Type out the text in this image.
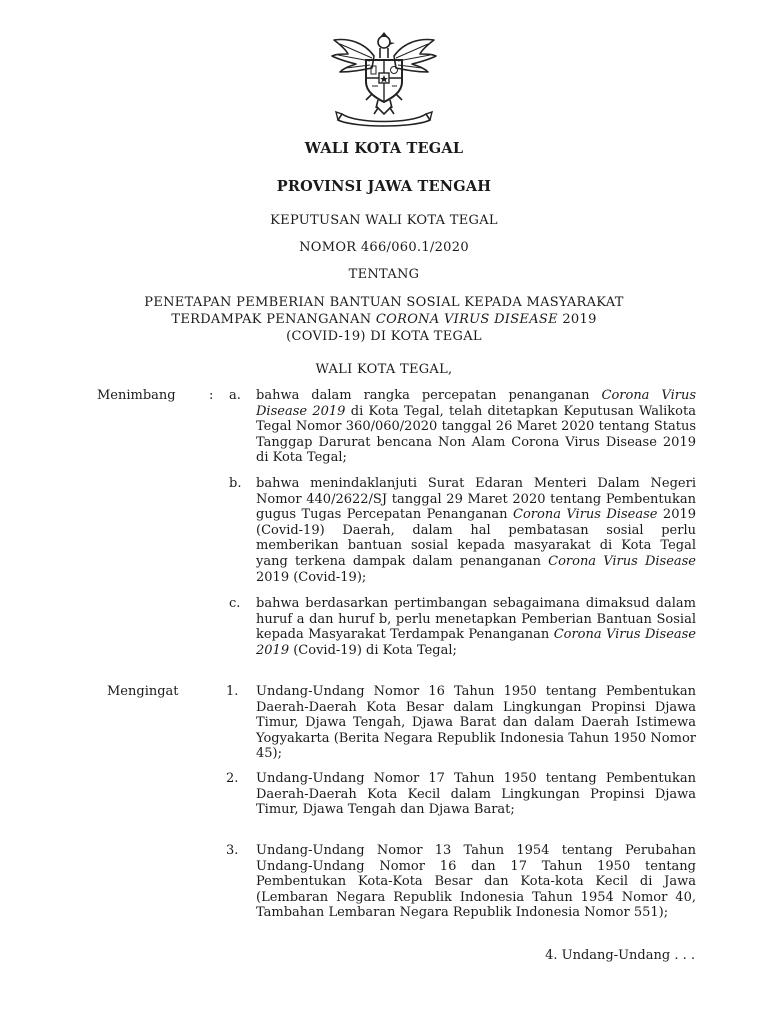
WALI KOTA TEGAL
PROVINSI JAWA TENGAH
KEPUTUSAN WALI KOTA TEGAL
NOMOR 466/060.1/2020
TENTANG
PENETAPAN PEMBERIAN BANTUAN SOSIAL KEPADA MASYARAKAT
TERDAMPAK PENANGANAN CORONA VIRUS DISEASE 2019
(COVID-19) DI KOTA TEGAL
WALI KOTA TEGAL,
Menimbang	: a. bahwa dalam rangka percepatan penanganan Corona Virus Disease 2019 di Kota Tegal, telah ditetapkan Keputusan Walikota Tegal Nomor 360/060/2020 tanggal 26 Maret 2020 tentang Status Tanggap Darurat bencana Non Alam Corona Virus Disease 2019 di Kota Tegal;
b. bahwa menindaklanjuti Surat Edaran Menteri Dalam Negeri Nomor 440/2622/SJ tanggal 29 Maret 2020 tentang Pembentukan gugus Tugas Percepatan Penanganan Corona Virus Disease 2019 (Covid-19) Daerah, dalam hal pembatasan sosial perlu memberikan bantuan sosial kepada masyarakat di Kota Tegal yang terkena dampak dalam penanganan Corona Virus Disease 2019 (Covid-19);
c. bahwa berdasarkan pertimbangan sebagaimana dimaksud dalam huruf a dan huruf b, perlu menetapkan Pemberian Bantuan Sosial kepada Masyarakat Terdampak Penanganan Corona Virus Disease 2019 (Covid-19) di Kota Tegal;
Mengingat	1. Undang-Undang Nomor 16 Tahun 1950 tentang Pembentukan Daerah-Daerah Kota Besar dalam Lingkungan Propinsi Djawa Timur, Djawa Tengah, Djawa Barat dan dalam Daerah Istimewa Yogyakarta (Berita Negara Republik Indonesia Tahun 1950 Nomor 45);
2. Undang-Undang Nomor 17 Tahun 1950 tentang Pembentukan Daerah-Daerah Kota Kecil dalam Lingkungan Propinsi Djawa Timur, Djawa Tengah dan Djawa Barat;
3. Undang-Undang Nomor 13 Tahun 1954 tentang Perubahan Undang-Undang Nomor 16 dan 17 Tahun 1950 tentang Pembentukan Kota-Kota Besar dan Kota-kota Kecil di Jawa (Lembaran Negara Republik Indonesia Tahun 1954 Nomor 40, Tambahan Lembaran Negara Republik Indonesia Nomor 551);
4. Undang-Undang . . .
